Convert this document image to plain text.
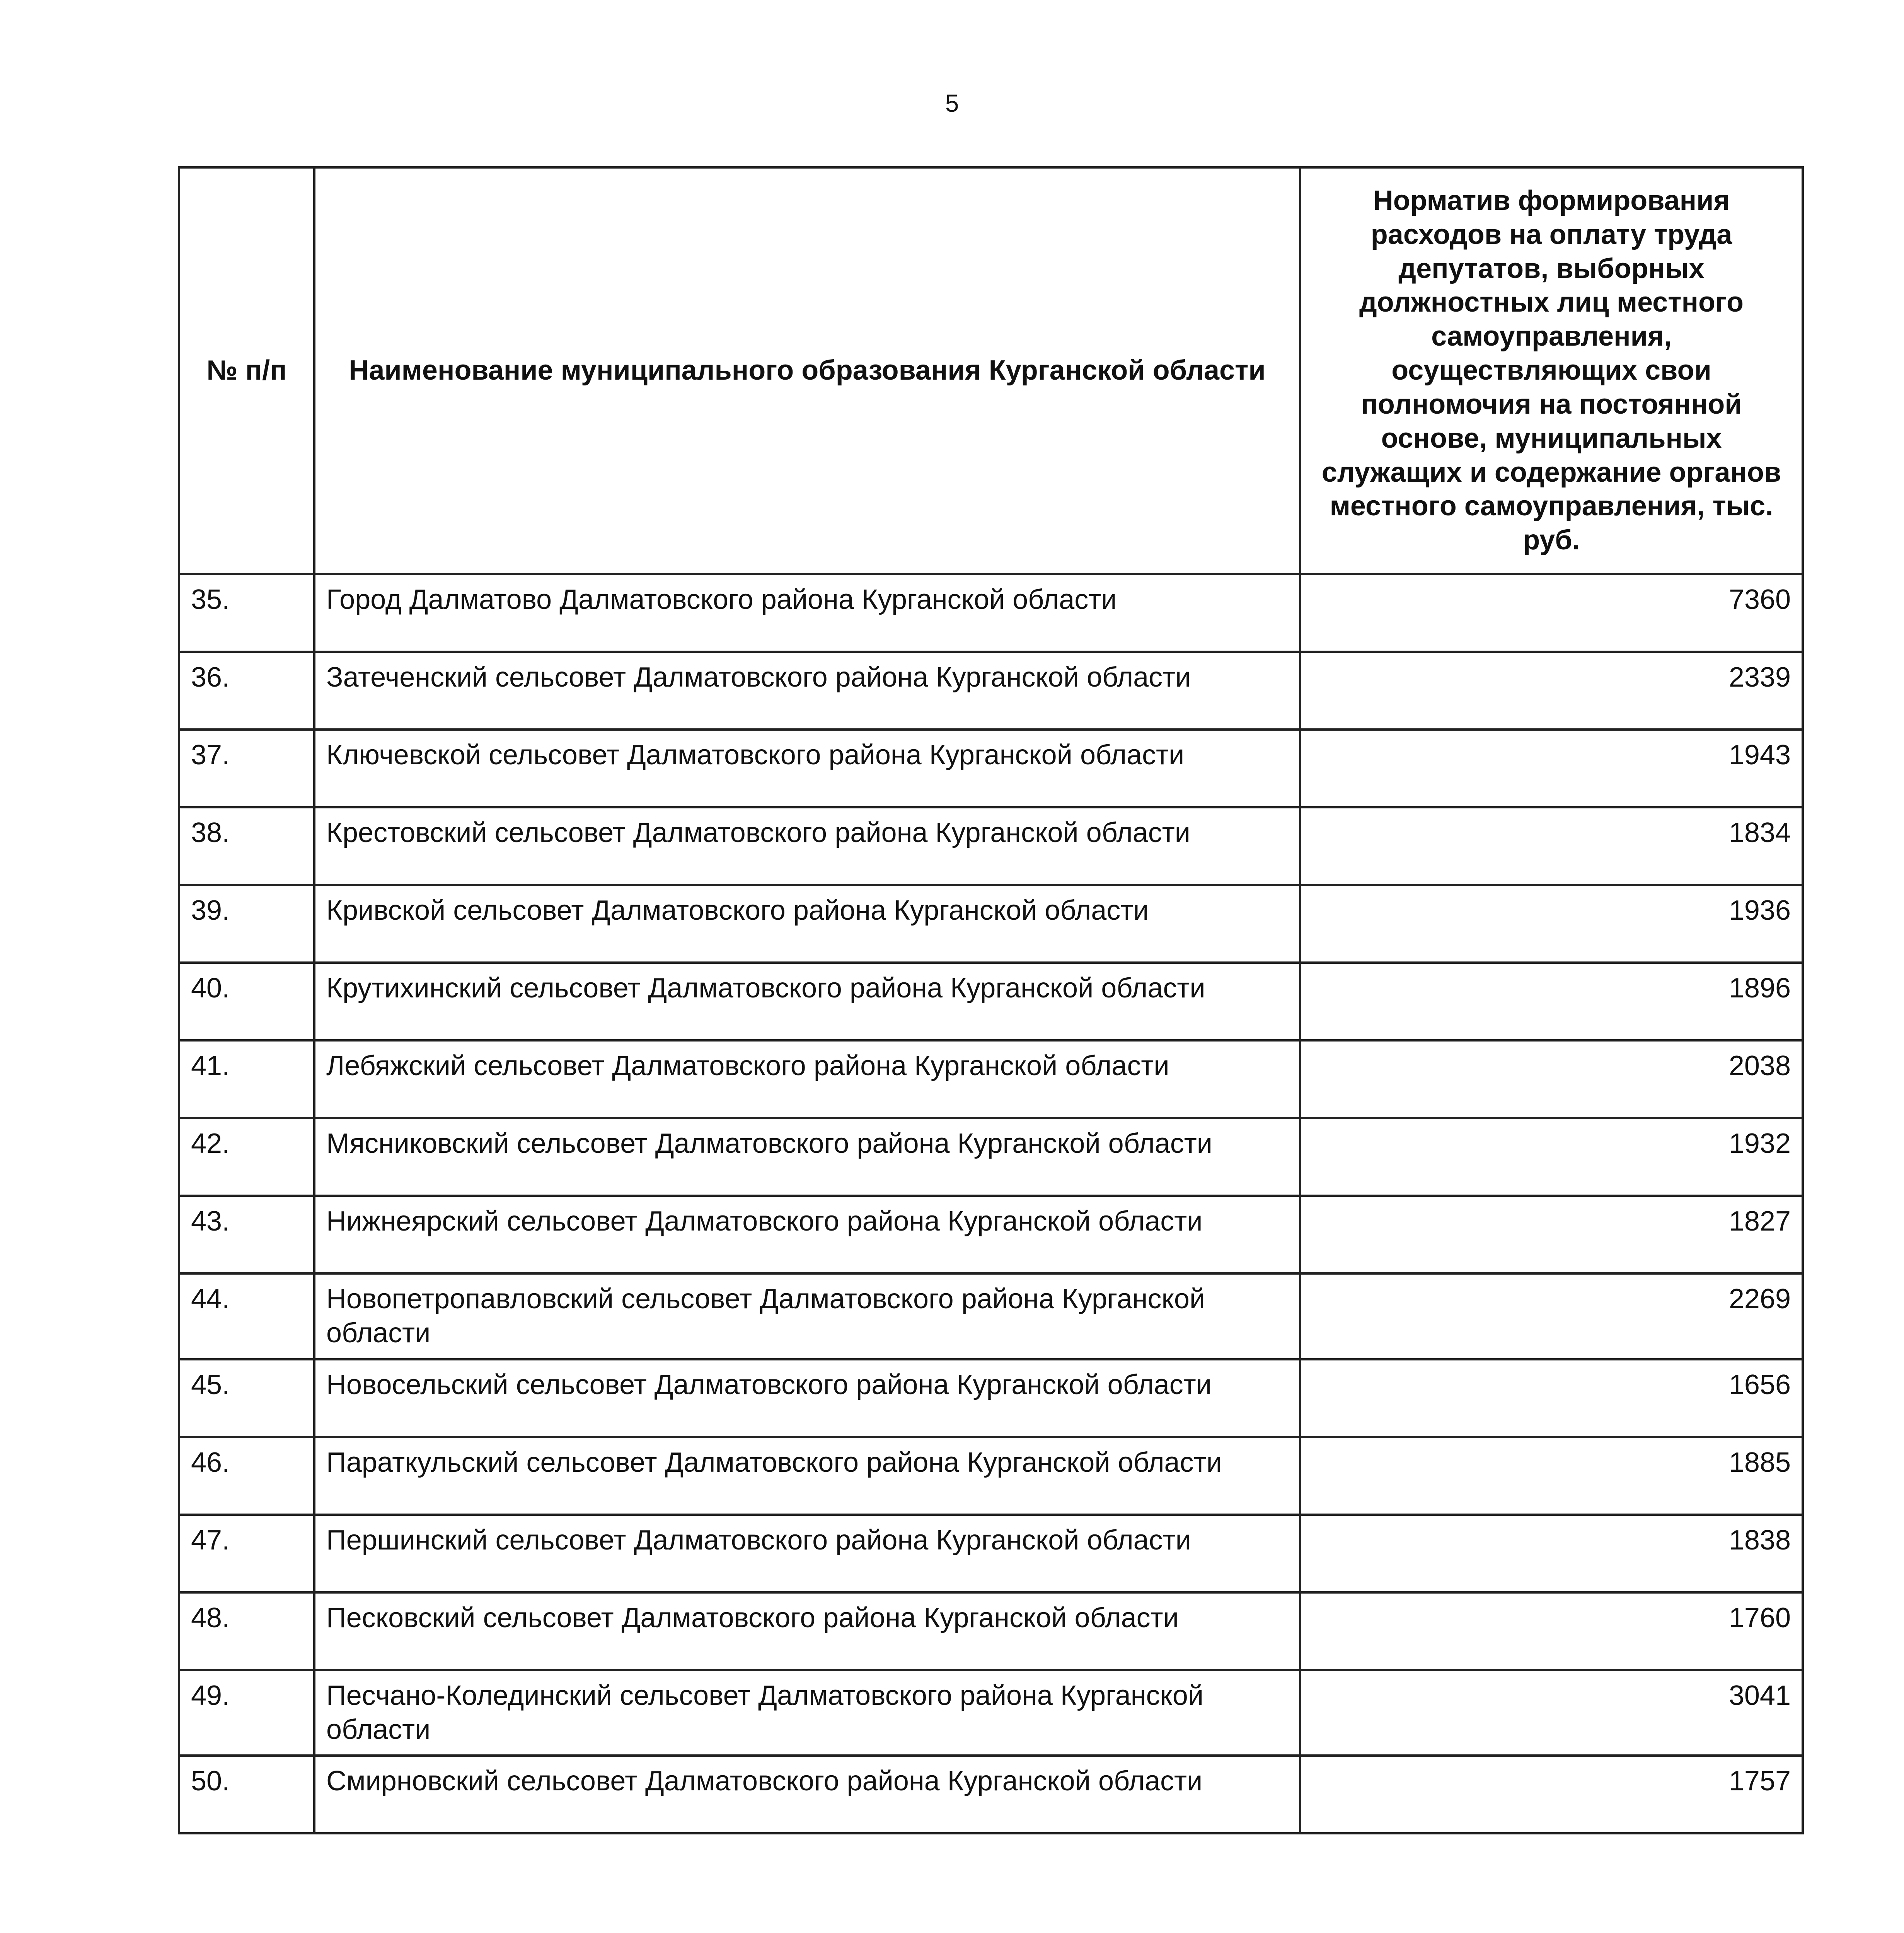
5
№ п/п	Наименование муниципального образования Курганской области	Норматив формирования расходов на оплату труда депутатов, выборных должностных лиц местного самоуправления, осуществляющих свои полномочия на постоянной основе, муниципальных служащих и содержание органов местного самоуправления, тыс. руб.
35.	Город Далматово Далматовского района Курганской области	7360
36.	Затеченский сельсовет Далматовского района Курганской области	2339
37.	Ключевской сельсовет Далматовского района Курганской области	1943
38.	Крестовский сельсовет Далматовского района Курганской области	1834
39.	Кривской сельсовет Далматовского района Курганской области	1936
40.	Крутихинский сельсовет Далматовского района Курганской области	1896
41.	Лебяжский сельсовет Далматовского района Курганской области	2038
42.	Мясниковский сельсовет Далматовского района Курганской области	1932
43.	Нижнеярский сельсовет Далматовского района Курганской области	1827
44.	Новопетропавловский сельсовет Далматовского района Курганской области	2269
45.	Новосельский сельсовет Далматовского района Курганской области	1656
46.	Параткульский сельсовет Далматовского района Курганской области	1885
47.	Першинский сельсовет Далматовского района Курганской области	1838
48.	Песковский сельсовет Далматовского района Курганской области	1760
49.	Песчано-Колединский сельсовет Далматовского района Курганской области	3041
50.	Смирновский сельсовет Далматовского района Курганской области	1757
